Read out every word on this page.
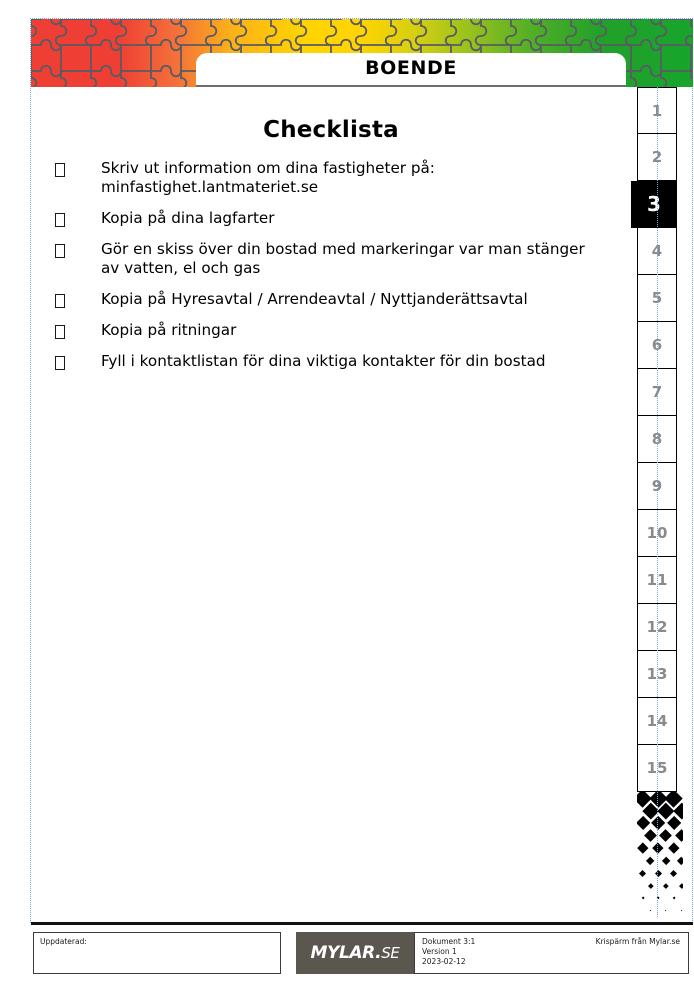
BOENDE
Checklista
Skriv ut information om dina fastigheter på: minfastighet.lantmateriet.se
Kopia på dina lagfarter
Gör en skiss över din bostad med markeringar var man stänger av vatten, el och gas
Kopia på Hyresavtal / Arrendeavtal / Nyttjanderättsavtal
Kopia på ritningar
Fyll i kontaktlistan för dina viktiga kontakter för din bostad
1
2
3
4
5
6
7
8
9
10
11
12
13
14
15
Uppdaterad:
MYLAR.SE
Dokument 3:1
Version 1
2023-02-12
Krispärm från Mylar.se
